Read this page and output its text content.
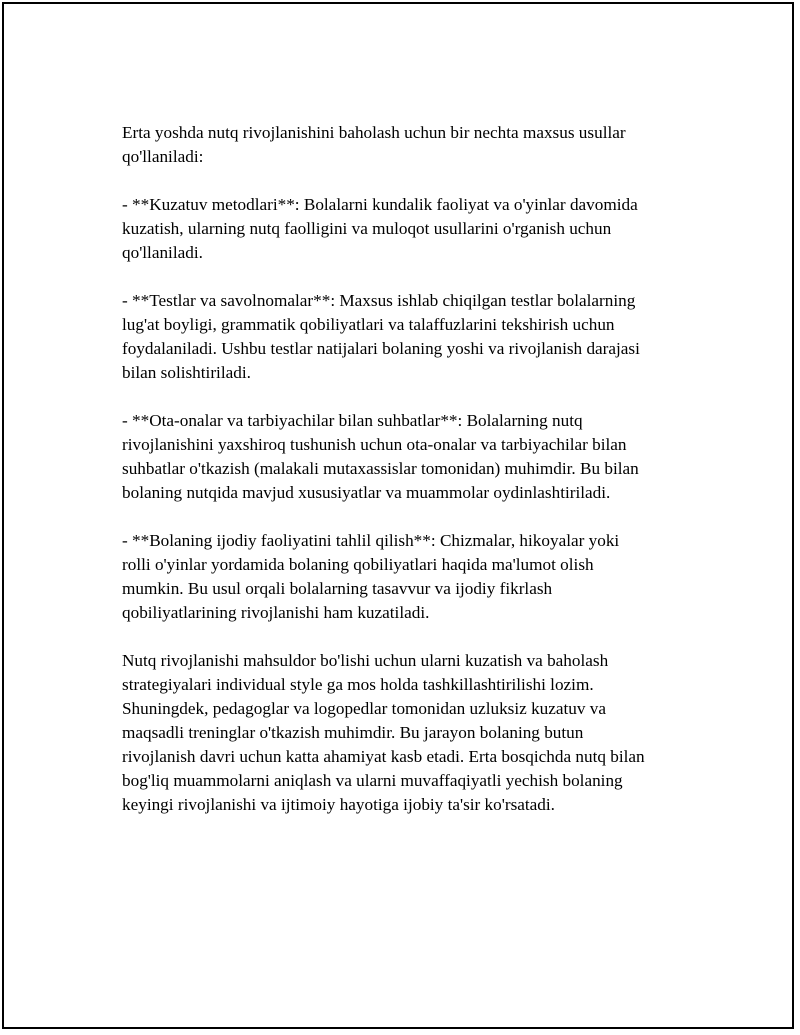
Erta yoshda nutq rivojlanishini baholash uchun bir nechta maxsus usullar
qo'llaniladi:

- **Kuzatuv metodlari**: Bolalarni kundalik faoliyat va o'yinlar davomida
kuzatish, ularning nutq faolligini va muloqot usullarini o'rganish uchun
qo'llaniladi.

- **Testlar va savolnomalar**: Maxsus ishlab chiqilgan testlar bolalarning
lug'at boyligi, grammatik qobiliyatlari va talaffuzlarini tekshirish uchun
foydalaniladi. Ushbu testlar natijalari bolaning yoshi va rivojlanish darajasi
bilan solishtiriladi.

- **Ota-onalar va tarbiyachilar bilan suhbatlar**: Bolalarning nutq
rivojlanishini yaxshiroq tushunish uchun ota-onalar va tarbiyachilar bilan
suhbatlar o'tkazish (malakali mutaxassislar tomonidan) muhimdir. Bu bilan
bolaning nutqida mavjud xususiyatlar va muammolar oydinlashtiriladi.

- **Bolaning ijodiy faoliyatini tahlil qilish**: Chizmalar, hikoyalar yoki
rolli o'yinlar yordamida bolaning qobiliyatlari haqida ma'lumot olish
mumkin. Bu usul orqali bolalarning tasavvur va ijodiy fikrlash
qobiliyatlarining rivojlanishi ham kuzatiladi.

Nutq rivojlanishi mahsuldor bo'lishi uchun ularni kuzatish va baholash
strategiyalari individual style ga mos holda tashkillashtirilishi lozim.
Shuningdek, pedagoglar va logopedlar tomonidan uzluksiz kuzatuv va
maqsadli treninglar o'tkazish muhimdir. Bu jarayon bolaning butun
rivojlanish davri uchun katta ahamiyat kasb etadi. Erta bosqichda nutq bilan
bog'liq muammolarni aniqlash va ularni muvaffaqiyatli yechish bolaning
keyingi rivojlanishi va ijtimoiy hayotiga ijobiy ta'sir ko'rsatadi.
